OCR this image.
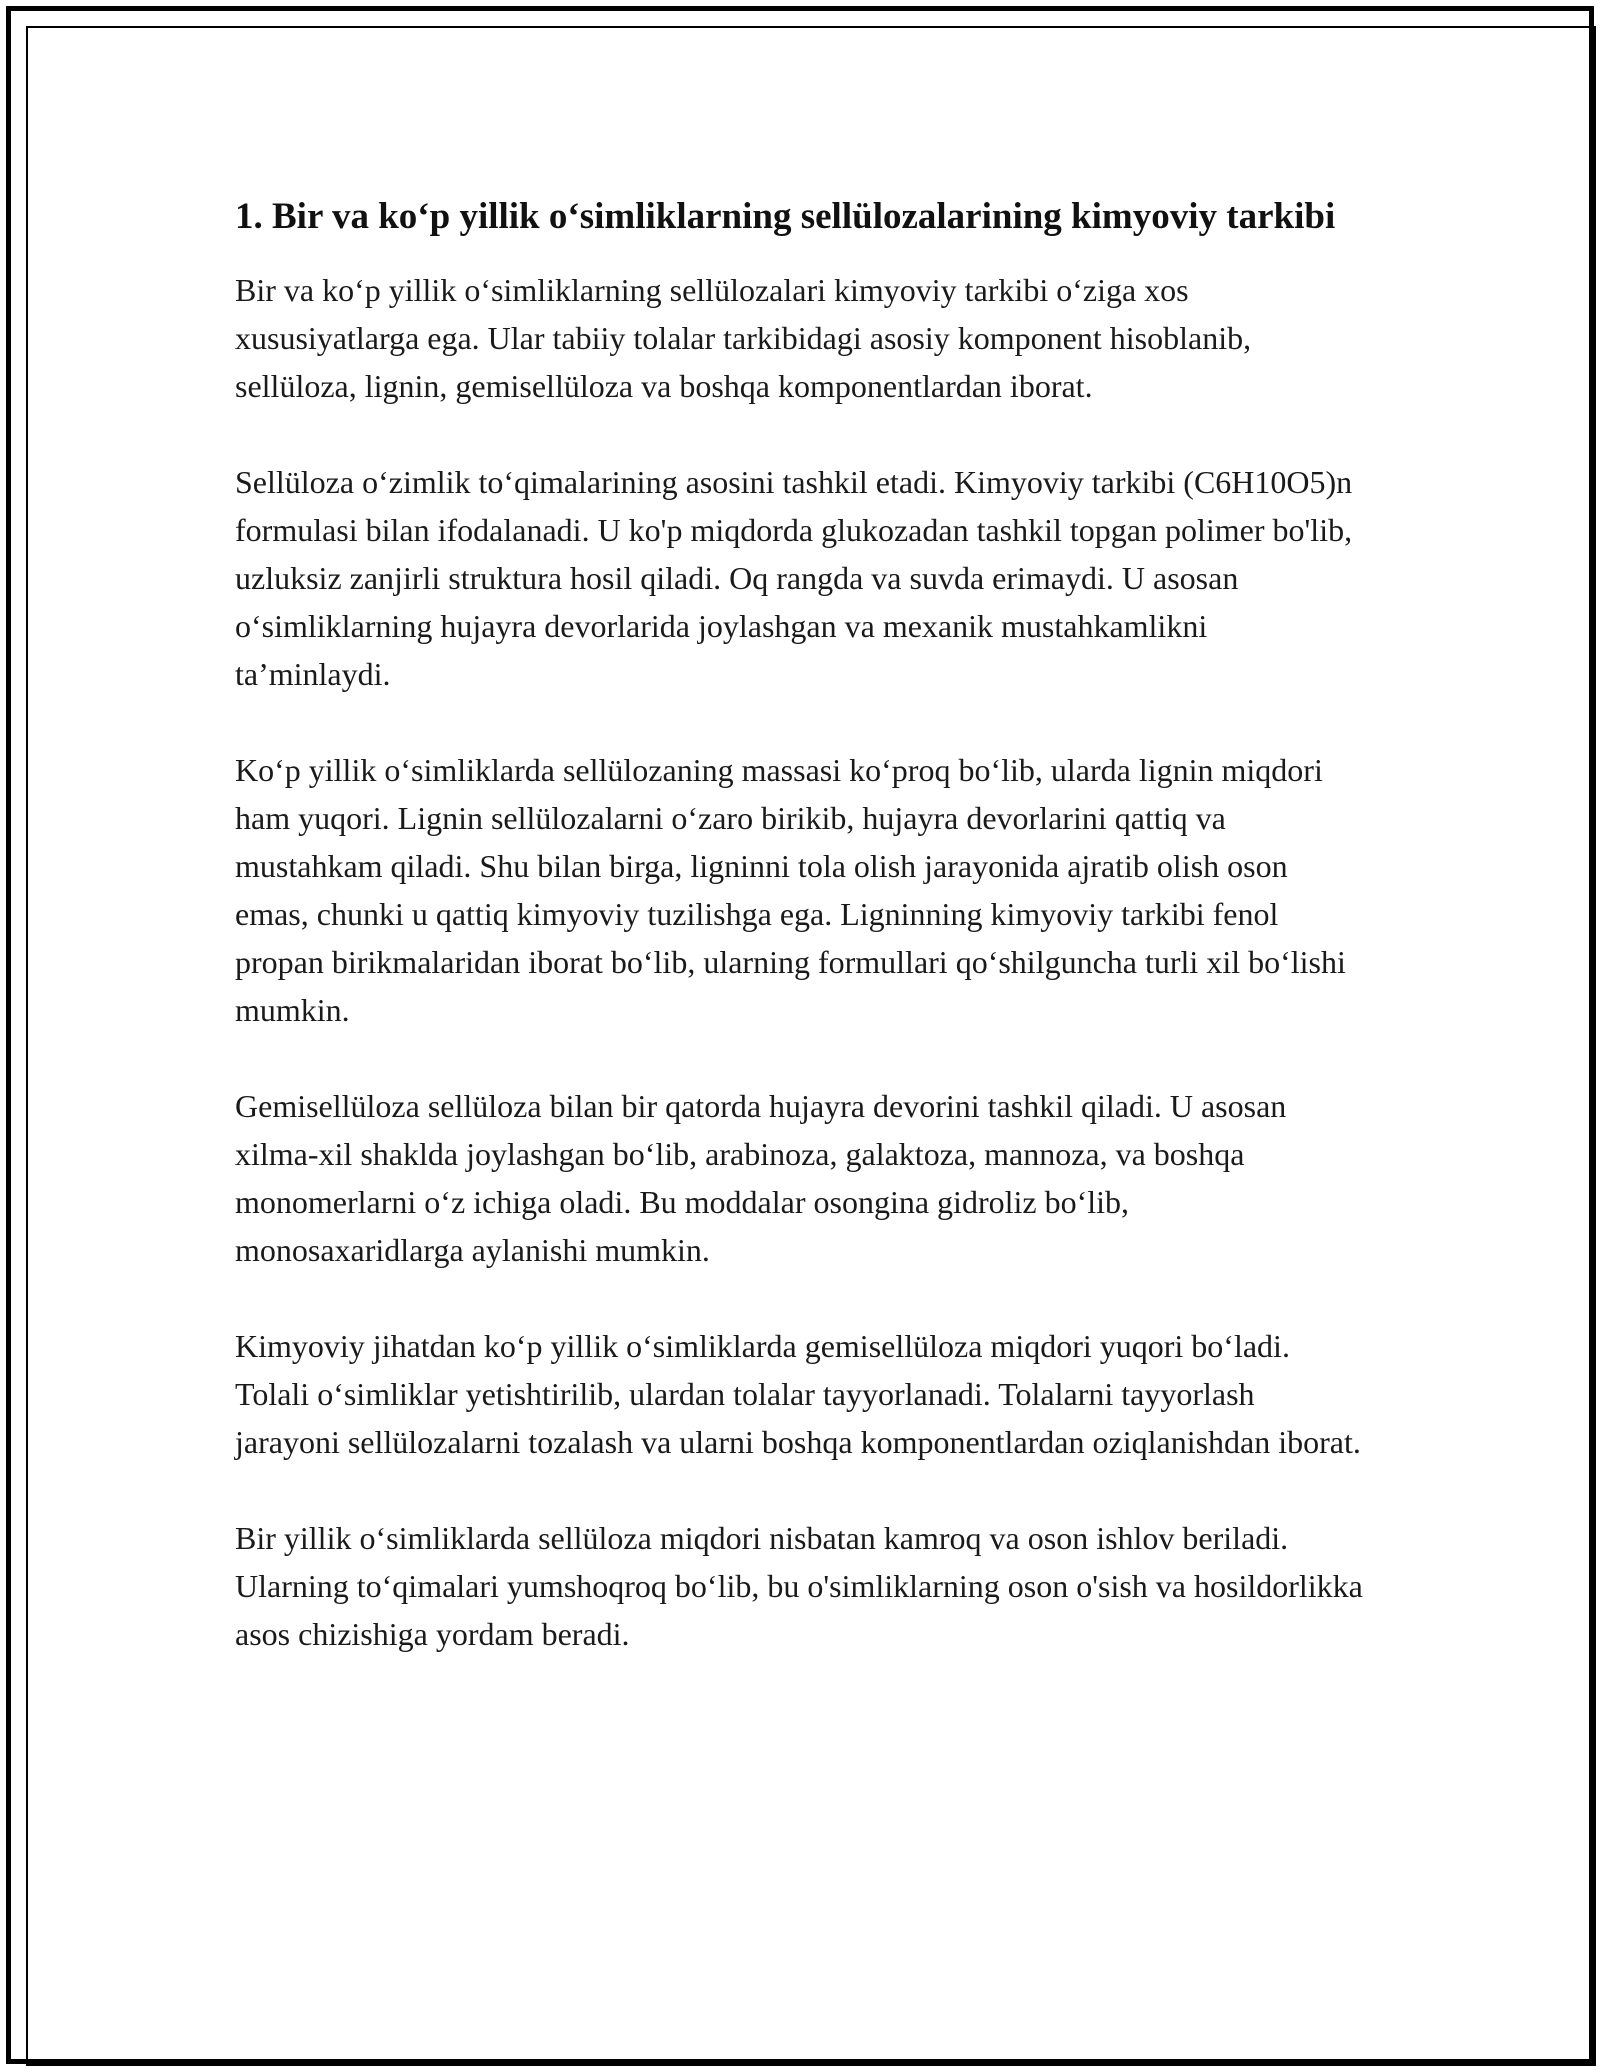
1. Bir va ko‘p yillik o‘simliklarning sellülozalarining kimyoviy tarkibi

Bir va ko‘p yillik o‘simliklarning sellülozalari kimyoviy tarkibi o‘ziga xos xususiyatlarga ega. Ular tabiiy tolalar tarkibidagi asosiy komponent hisoblanib, sellüloza, lignin, gemisellüloza va boshqa komponentlardan iborat.

Sellüloza o‘zimlik to‘qimalarining asosini tashkil etadi. Kimyoviy tarkibi (C6H10O5)n formulasi bilan ifodalanadi. U ko'p miqdorda glukozadan tashkil topgan polimer bo'lib, uzluksiz zanjirli struktura hosil qiladi. Oq rangda va suvda erimaydi. U asosan o‘simliklarning hujayra devorlarida joylashgan va mexanik mustahkamlikni ta’minlaydi.

Ko‘p yillik o‘simliklarda sellülozaning massasi ko‘proq bo‘lib, ularda lignin miqdori ham yuqori. Lignin sellülozalarni o‘zaro birikib, hujayra devorlarini qattiq va mustahkam qiladi. Shu bilan birga, ligninni tola olish jarayonida ajratib olish oson emas, chunki u qattiq kimyoviy tuzilishga ega. Ligninning kimyoviy tarkibi fenol propan birikmalaridan iborat bo‘lib, ularning formullari qo‘shilguncha turli xil bo‘lishi mumkin.

Gemisellüloza sellüloza bilan bir qatorda hujayra devorini tashkil qiladi. U asosan xilma-xil shakldа joylashgan bo‘lib, arabinoza, galaktoza, mannoza, va boshqa monomerlarni o‘z ichiga oladi. Bu moddalar osongina gidroliz bo‘lib, monosaxaridlarga aylanishi mumkin.

Kimyoviy jihatdan ko‘p yillik o‘simliklarda gemisellüloza miqdori yuqori bo‘ladi. Tolali o‘simliklar yetishtirilib, ulardan tolalar tayyorlanadi. Tolalarni tayyorlash jarayoni sellülozalarni tozalash va ularni boshqa komponentlardan oziqlanishdan iborat.

Bir yillik o‘simliklarda sellüloza miqdori nisbatan kamroq va oson ishlov beriladi. Ularning to‘qimalari yumshoqroq bo‘lib, bu o'simliklarning oson o'sish va hosildorlikka asos chizishiga yordam beradi.
